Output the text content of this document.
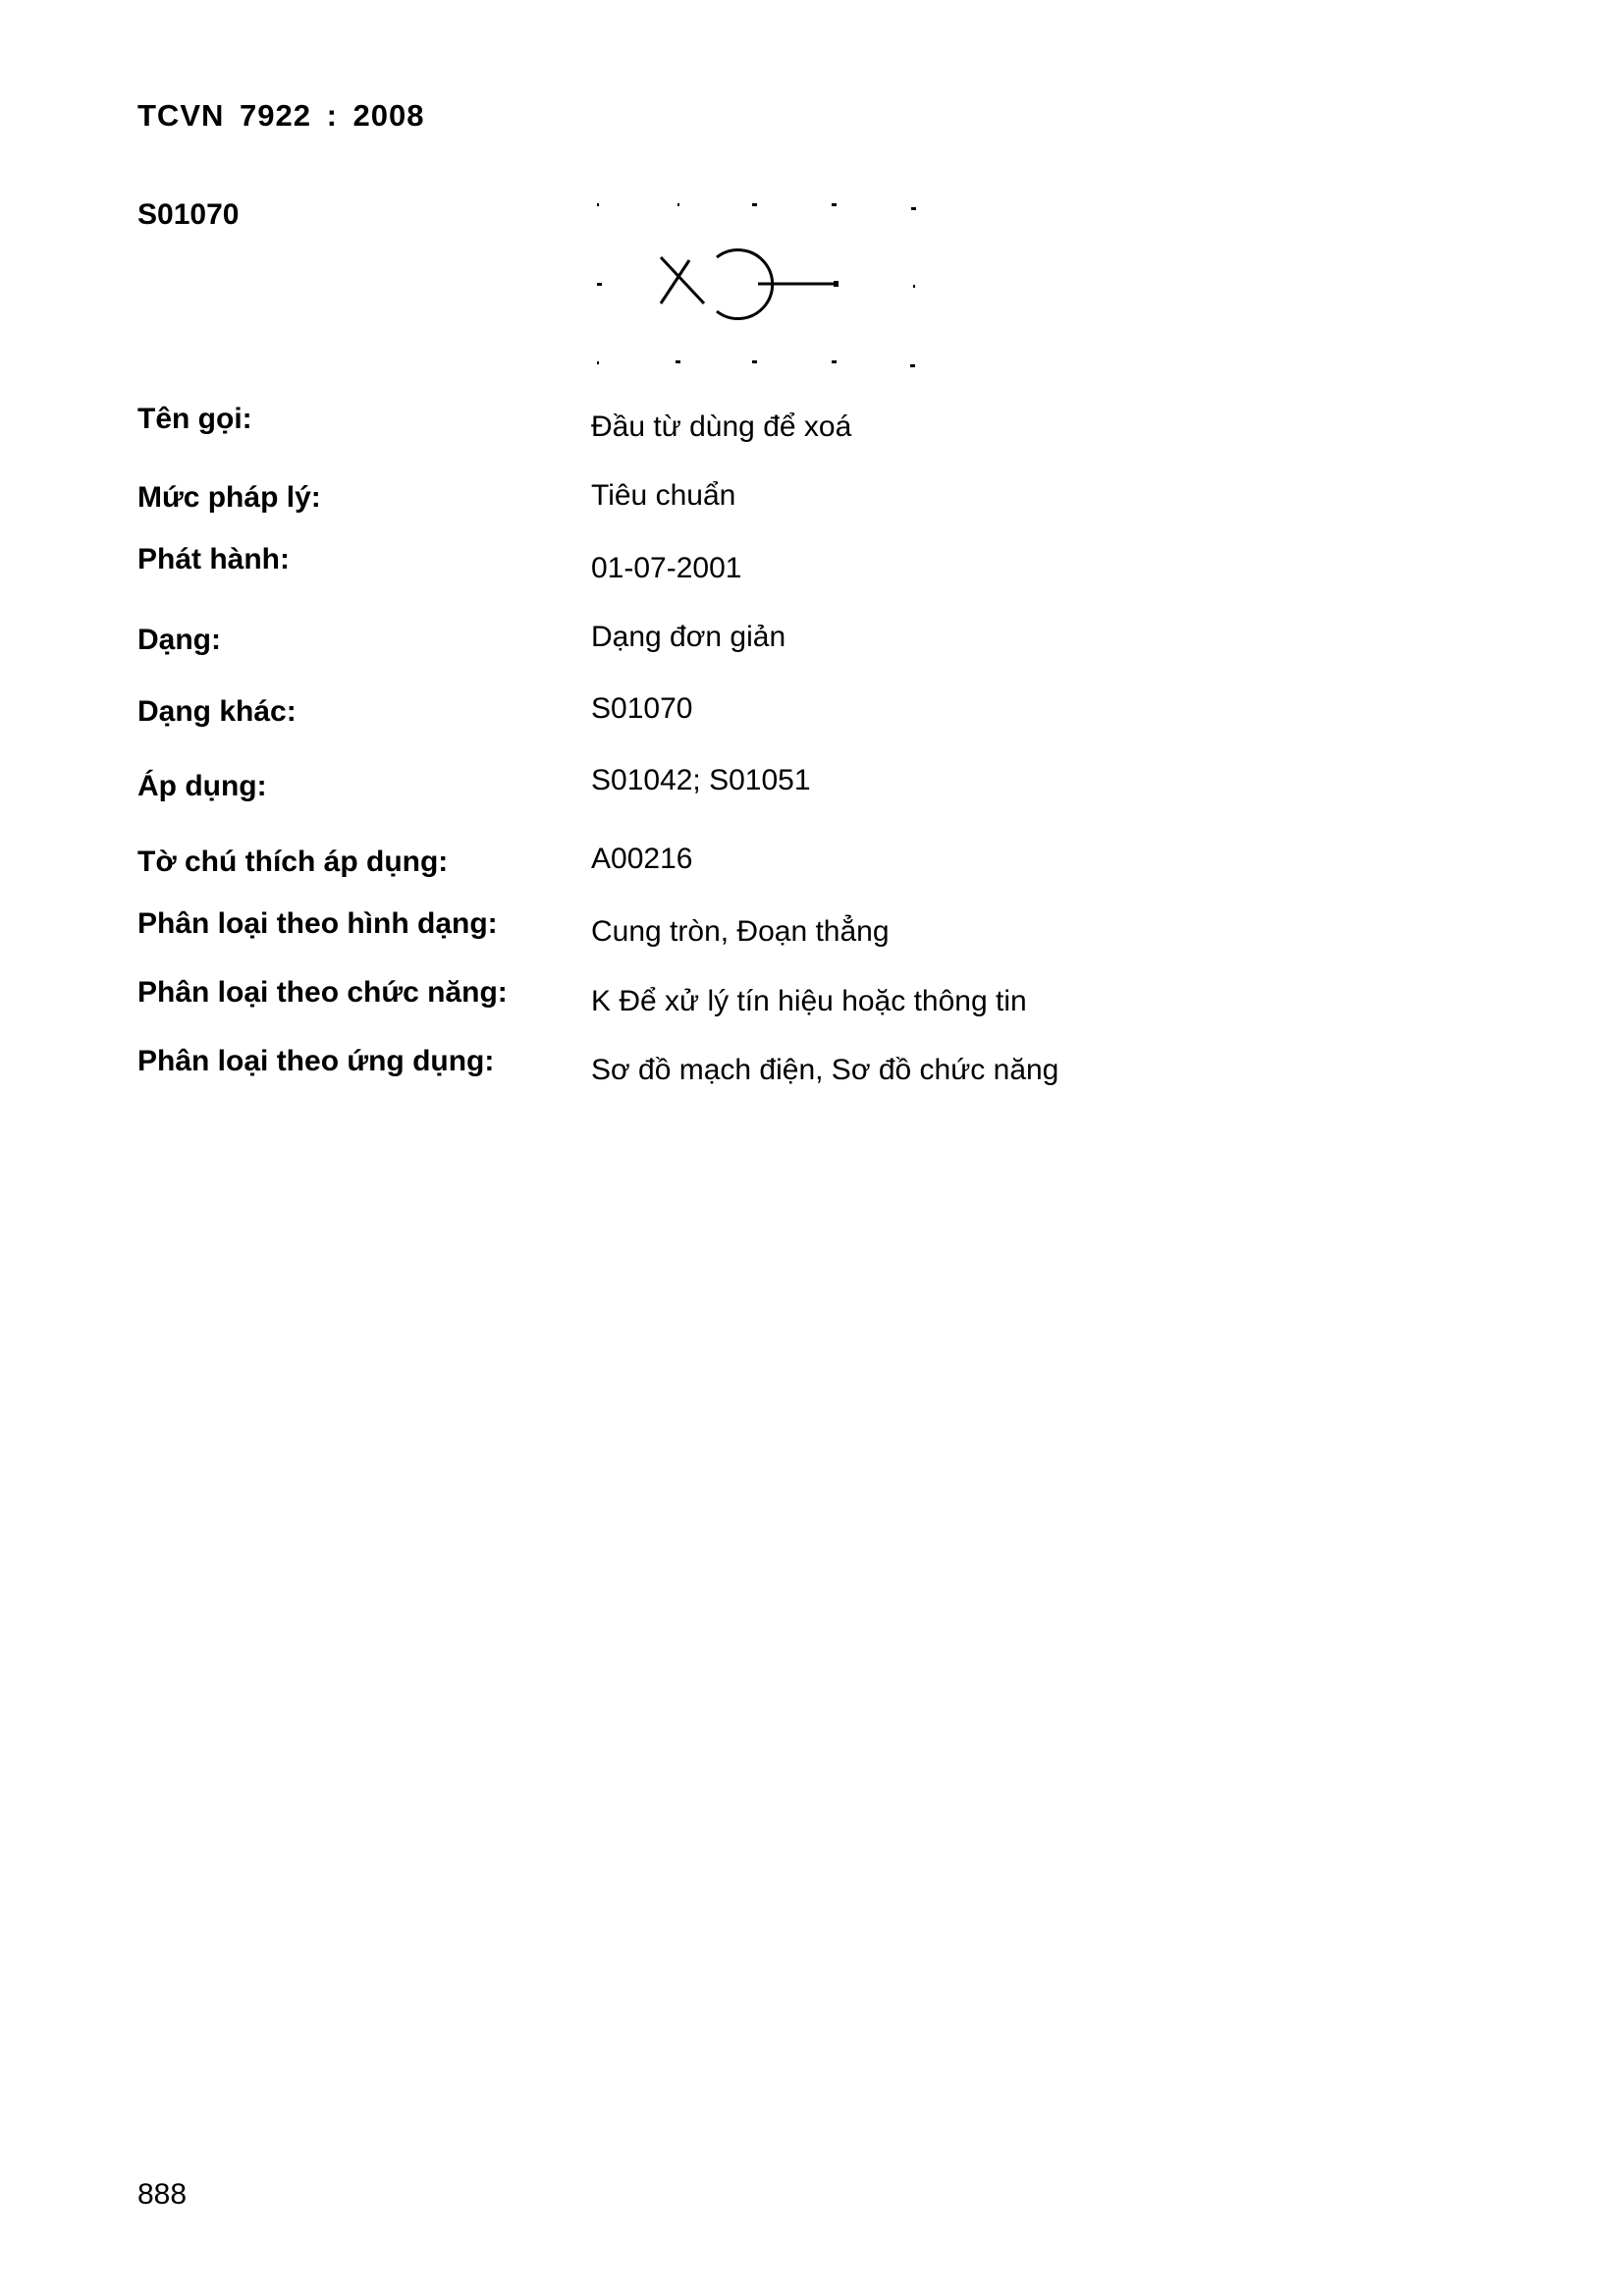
TCVN 7922 : 2008
S01070
Tên gọi:	Đầu từ dùng để xoá
Mức pháp lý:	Tiêu chuẩn
Phát hành:	01-07-2001
Dạng:	Dạng đơn giản
Dạng khác:	S01070
Áp dụng:	S01042; S01051
Tờ chú thích áp dụng:	A00216
Phân loại theo hình dạng:	Cung tròn, Đoạn thẳng
Phân loại theo chức năng:	K Để xử lý tín hiệu hoặc thông tin
Phân loại theo ứng dụng:	Sơ đồ mạch điện, Sơ đồ chức năng
888
